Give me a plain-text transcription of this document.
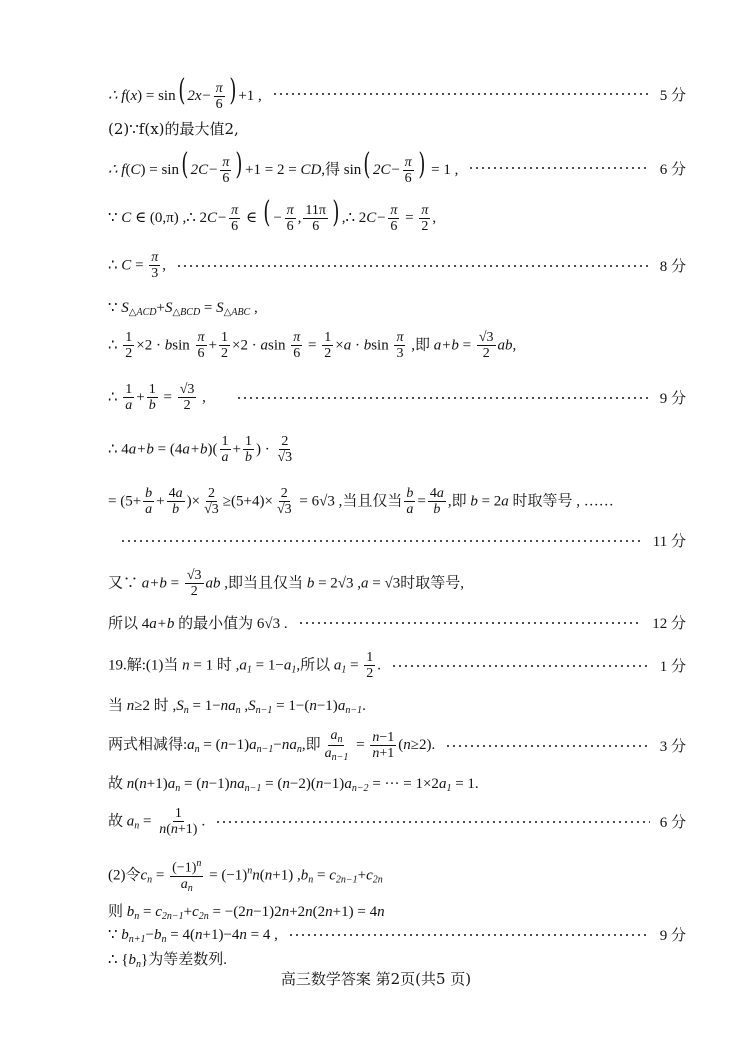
∴ f(x) = sin( $2x- \frac{\pi}{6}$ ) +1 ,	5 分
(2)∵f(x)的最大值2,
∴ f(C) = sin( $2C- \frac{\pi}{6}$ ) +1 = 2 = CD,得 sin( $2C- \frac{\pi}{6}$ ) = 1 ,	6 分
∵ C ∈ (0,π) ,∴ $2C- \frac{\pi}{6}$ ∈ ( − $\frac{\pi}{6}$ , $\frac{11\pi}{6}$ ) ,∴ $2C- \frac{\pi}{6} = \frac{\pi}{2}$ ,
∴ $C = \frac{\pi}{3}$ ,	8 分
∵ $S_{\triangle ACD}+S_{\triangle BCD} = S_{\triangle ABC}$ ,
∴ $\frac{1}{2} \times 2 \cdot bsin \frac{\pi}{6} + \frac{1}{2} \times 2 \cdot asin \frac{\pi}{6} = \frac{1}{2} \times a \cdot bsin \frac{\pi}{3}$ ,即 $a+b = \frac{√3}{2}$ ab,
∴ $\frac{1}{a} + \frac{1}{b} = \frac{√3}{2}$ ,	9 分
∴ $4a+b = (4a+b)( \frac{1}{a} + \frac{1}{b}$ ) · $\frac{2}{√3}$
= ($5+ \frac{b}{a} + \frac{4a}{b}$ )× $\frac{2}{√3} \ge(5+4)\times \frac{2}{√3} = 6√3$ ,当且仅当 $\frac{b}{a} = \frac{4a}{b}$ ,即 b = 2a 时取等号 , ……
11 分
又∵ $a+b = \frac{√3}{2}$ ab ,即当且仅当 b = 2√3 ,a = √3时取等号,
所以 4a+b 的最小值为 6√3 .	12 分
19.解:(1)当 n = 1 时 $,a_1 = 1-a_1$,所以 $a_1 = \frac{1}{2}$ .	1 分
当 n≥2 时 $,S_n = 1-na_n$ $,S_{n-1} = 1-(n-1)a_{n-1}$.
两式相减得$:a_n = (n-1)a_{n-1}-na_n$,即 $\frac{a_n}{a_{n-1}} = \frac{n-1}{n+1} (n\ge 2)$.	3 分
故 $n(n+1)a_n = (n-1)na_{n-1} = (n-2)(n-1)a_{n-2}$ = ··· = $1\times 2a_1 = 1$.
故 $a_n = \frac{1}{n(n+1)}$ .	6 分
(2)令$c_n = \frac{(-1)^n}{a_n} = (-1)^nn(n+1) ,b_n = c_{2n-1}+c_{2n}$
则 $b_n = c_{2n-1}+c_{2n} = -(2n-1)2n+2n(2n+1) = 4n$
∵ $b_{n+1}-b_n = 4(n+1)-4n = 4$ ,	9 分
∴ $\{b_n\}$为等差数列.
高三数学答案 第2页(共5 页)
